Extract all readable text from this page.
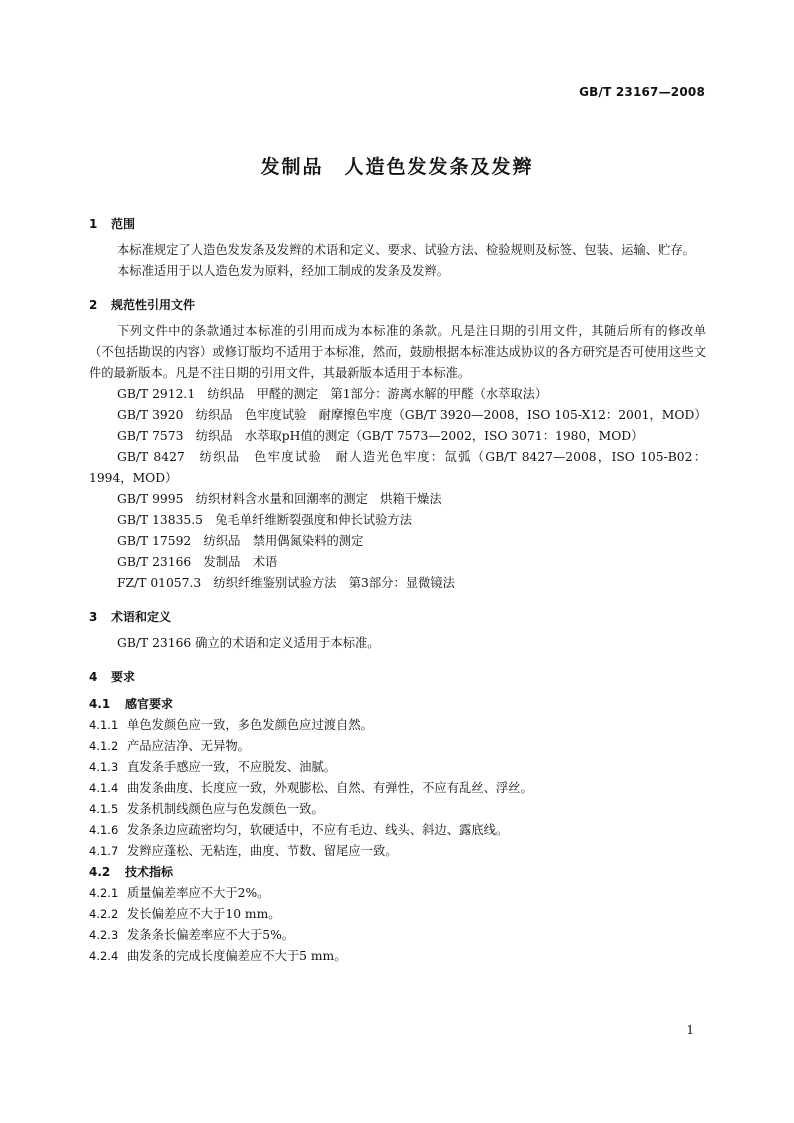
GB/T 23167—2008
发制品　人造色发发条及发辫
1 范围

本标准规定了人造色发发条及发辫的术语和定义、要求、试验方法、检验规则及标签、包装、运输、贮存。

本标准适用于以人造色发为原料，经加工制成的发条及发辫。

2 规范性引用文件

下列文件中的条款通过本标准的引用而成为本标准的条款。凡是注日期的引用文件，其随后所有的修改单（不包括勘误的内容）或修订版均不适用于本标准，然而，鼓励根据本标准达成协议的各方研究是否可使用这些文件的最新版本。凡是不注日期的引用文件，其最新版本适用于本标准。

GB/T 2912.1　纺织品　甲醛的测定　第1部分：游离水解的甲醛（水萃取法）

GB/T 3920　纺织品　色牢度试验　耐摩擦色牢度（GB/T 3920—2008，ISO 105-X12：2001，MOD）

GB/T 7573　纺织品　水萃取pH值的测定（GB/T 7573—2002，ISO 3071：1980，MOD）

GB/T 8427　纺织品　色牢度试验　耐人造光色牢度：氙弧（GB/T 8427—2008，ISO 105-B02：1994，MOD）

GB/T 9995　纺织材料含水量和回潮率的测定　烘箱干燥法

GB/T 13835.5　兔毛单纤维断裂强度和伸长试验方法

GB/T 17592　纺织品　禁用偶氮染料的测定

GB/T 23166　发制品　术语

FZ/T 01057.3　纺织纤维鉴别试验方法　第3部分：显微镜法

3 术语和定义

GB/T 23166 确立的术语和定义适用于本标准。

4 要求
4.1 感官要求

4.1.1 单色发颜色应一致，多色发颜色应过渡自然。

4.1.2 产品应洁净、无异物。

4.1.3 直发条手感应一致，不应脱发、油腻。

4.1.4 曲发条曲度、长度应一致，外观膨松、自然、有弹性，不应有乱丝、浮丝。

4.1.5 发条机制线颜色应与色发颜色一致。

4.1.6 发条条边应疏密均匀，软硬适中，不应有毛边、线头、斜边、露底线。

4.1.7 发辫应蓬松、无粘连，曲度、节数、留尾应一致。

4.2 技术指标

4.2.1 质量偏差率应不大于2%。

4.2.2 发长偏差应不大于10 mm。

4.2.3 发条条长偏差率应不大于5%。

4.2.4 曲发条的完成长度偏差应不大于5 mm。

1
